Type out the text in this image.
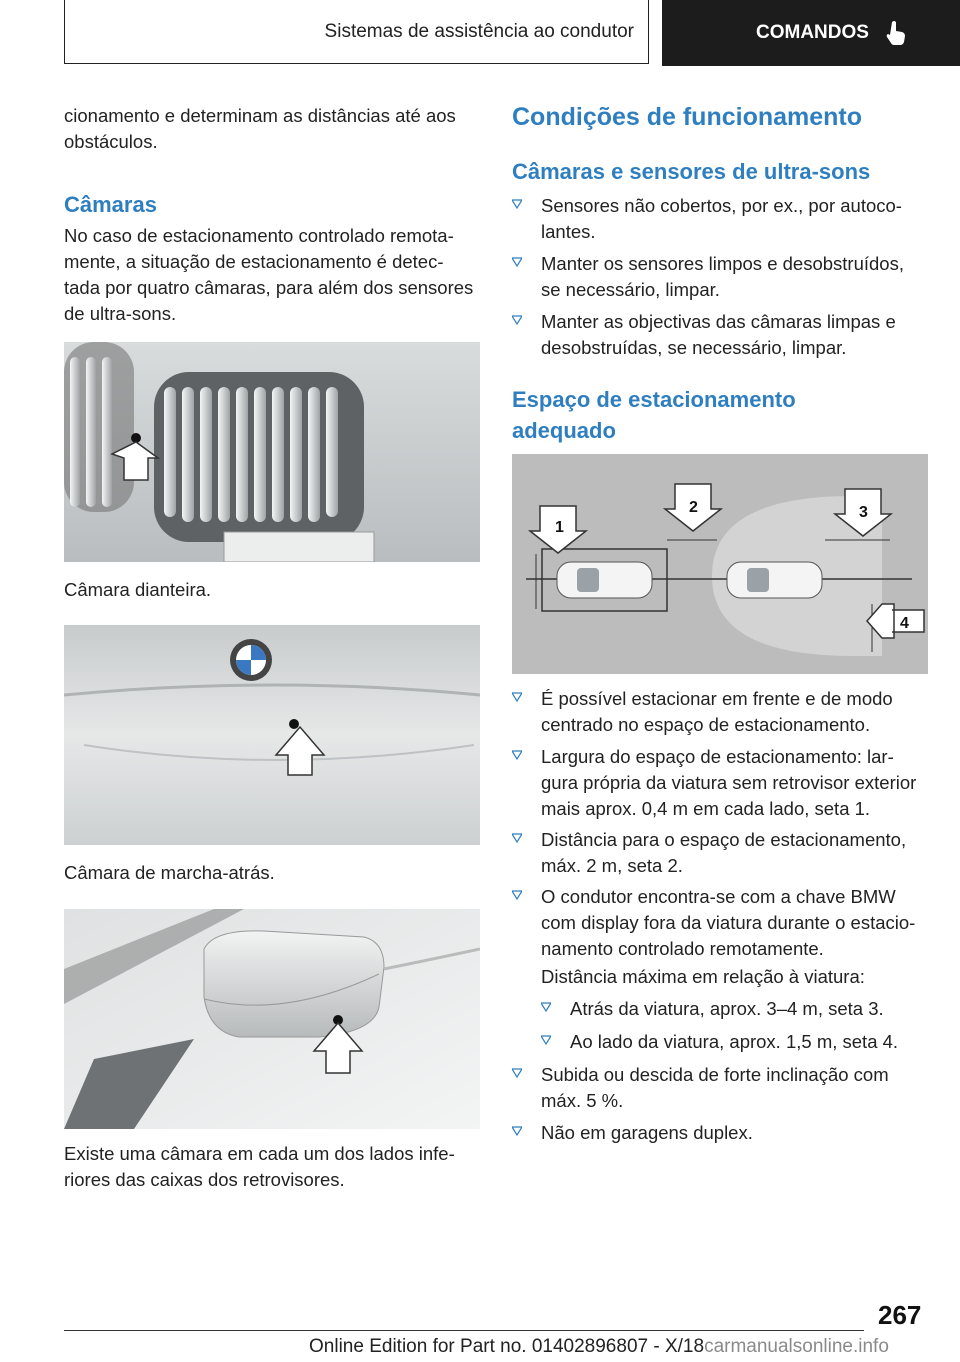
Sistemas de assistência ao condutor	COMANDOS

cionamento e determinam as distâncias até aos

obstáculos.

Câmaras

No caso de estacionamento controlado remota-

mente, a situação de estacionamento é detec-

tada por quatro câmaras, para além dos sensores

de ultra-sons.

Câmara dianteira.
Câmara de marcha-atrás.
Existe uma câmara em cada um dos lados infe-
riores das caixas dos retrovisores.
Condições de funcionamento
Câmaras e sensores de ultra-sons
Sensores não cobertos, por ex., por autoco-
lantes.
Manter os sensores limpos e desobstruídos,
se necessário, limpar.
Manter as objectivas das câmaras limpas e
desobstruídas, se necessário, limpar.
Espaço de estacionamento
adequado
1
2	3
4
É possível estacionar em frente e de modo
centrado no espaço de estacionamento.
Largura do espaço de estacionamento: lar-
gura própria da viatura sem retrovisor exterior
mais aprox. 0,4 m em cada lado, seta 1.
Distância para o espaço de estacionamento,
máx. 2 m, seta 2.
O condutor encontra-se com a chave BMW
com display fora da viatura durante o estacio-
namento controlado remotamente.
Distância máxima em relação à viatura:
Atrás da viatura, aprox. 3–4 m, seta 3.
Ao lado da viatura, aprox. 1,5 m, seta 4.
Subida ou descida de forte inclinação com
máx. 5 %.
Não em garagens duplex.
267
Online Edition for Part no. 01402896807 - X/18carmanualsonline.info
